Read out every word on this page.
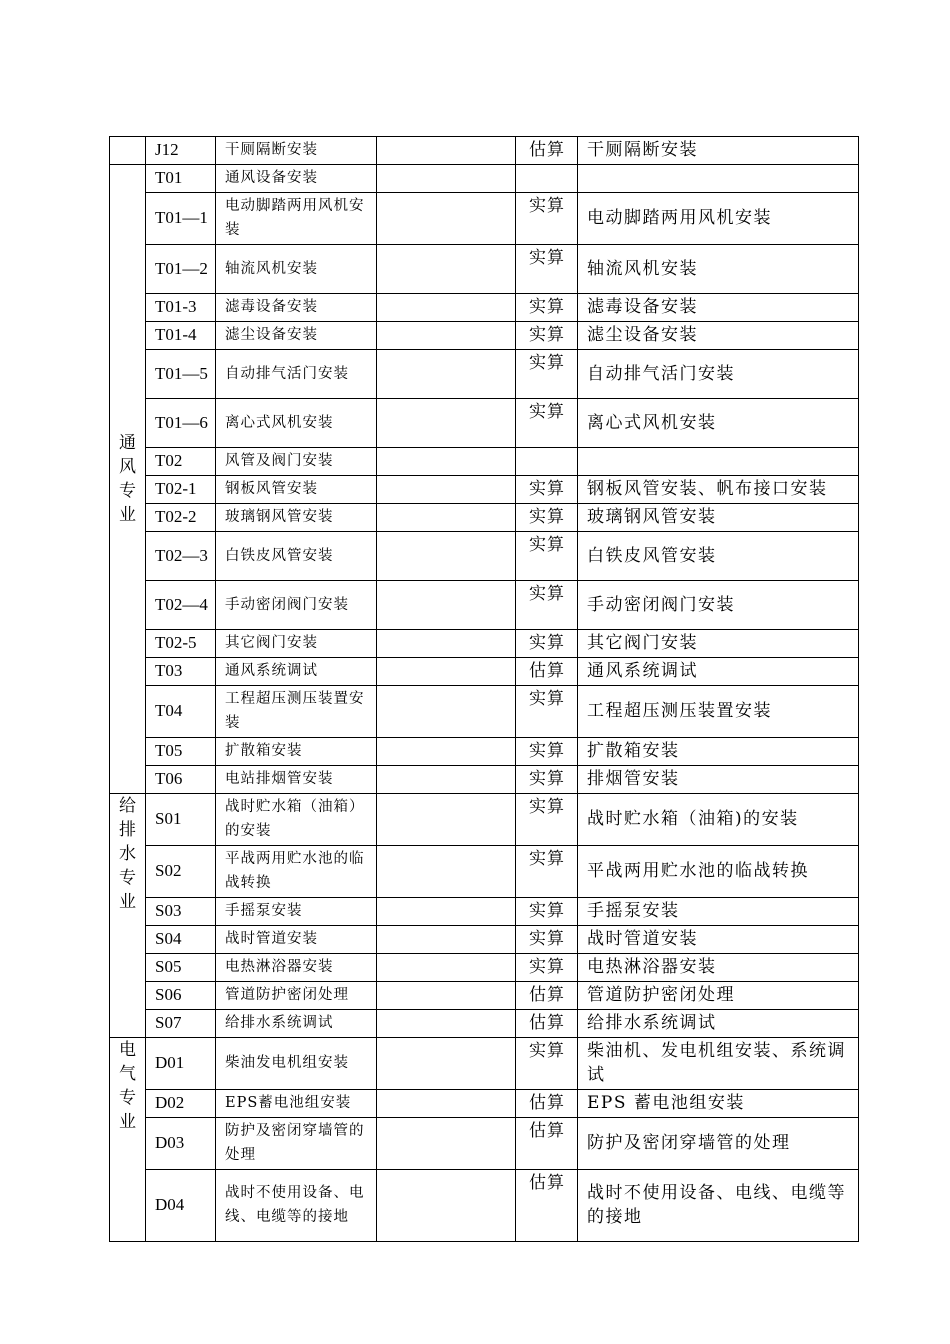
	J12	干厕隔断安装		估算	干厕隔断安装

通风专业	T01	通风设备安装			
	T01—1	电动脚踏两用风机安装		实算	电动脚踏两用风机安装
	T01—2	轴流风机安装		实算	轴流风机安装
	T01-3	滤毒设备安装		实算	滤毒设备安装
	T01-4	滤尘设备安装		实算	滤尘设备安装
	T01—5	自动排气活门安装		实算	自动排气活门安装
	T01—6	离心式风机安装		实算	离心式风机安装
	T02	风管及阀门安装			
	T02-1	钢板风管安装		实算	钢板风管安装、帆布接口安装
	T02-2	玻璃钢风管安装		实算	玻璃钢风管安装
	T02—3	白铁皮风管安装		实算	白铁皮风管安装
	T02—4	手动密闭阀门安装		实算	手动密闭阀门安装
	T02-5	其它阀门安装		实算	其它阀门安装
	T03	通风系统调试		估算	通风系统调试
	T04	工程超压测压装置安装		实算	工程超压测压装置安装
	T05	扩散箱安装		实算	扩散箱安装
	T06	电站排烟管安装		实算	排烟管安装

给排水专业	S01	战时贮水箱（油箱）的安装		实算	战时贮水箱（油箱)的安装
	S02	平战两用贮水池的临战转换		实算	平战两用贮水池的临战转换
	S03	手摇泵安装		实算	手摇泵安装
	S04	战时管道安装		实算	战时管道安装
	S05	电热淋浴器安装		实算	电热淋浴器安装
	S06	管道防护密闭处理		估算	管道防护密闭处理
	S07	给排水系统调试		估算	给排水系统调试

电气专业	D01	柴油发电机组安装		实算	柴油机、发电机组安装、系统调试
	D02	EPS蓄电池组安装		估算	EPS 蓄电池组安装
	D03	防护及密闭穿墙管的处理		估算	防护及密闭穿墙管的处理
	D04	战时不使用设备、电线、电缆等的接地		估算	战时不使用设备、电线、电缆等的接地
